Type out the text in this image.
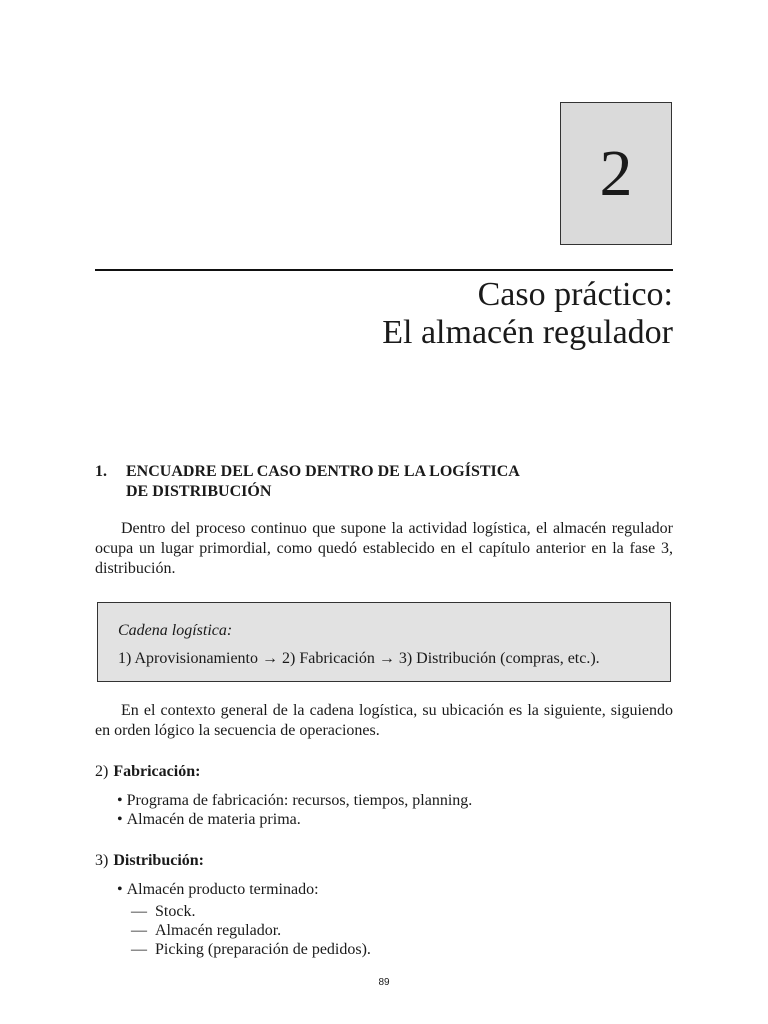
2
Caso práctico:
El almacén regulador
1. ENCUADRE DEL CASO DENTRO DE LA LOGÍSTICA
DE DISTRIBUCIÓN

Dentro del proceso continuo que supone la actividad logística, el almacén regulador ocupa un lugar primordial, como quedó establecido en el capítulo anterior en la fase 3, distribución.

Cadena logística:
1) Aprovisionamiento → 2) Fabricación → 3) Distribución (compras, etc.).

En el contexto general de la cadena logística, su ubicación es la siguiente, siguiendo en orden lógico la secuencia de operaciones.

2) Fabricación:
• Programa de fabricación: recursos, tiempos, planning.
• Almacén de materia prima.
3) Distribución:
• Almacén producto terminado:
—  Stock.
—  Almacén regulador.
—  Picking (preparación de pedidos).
89
